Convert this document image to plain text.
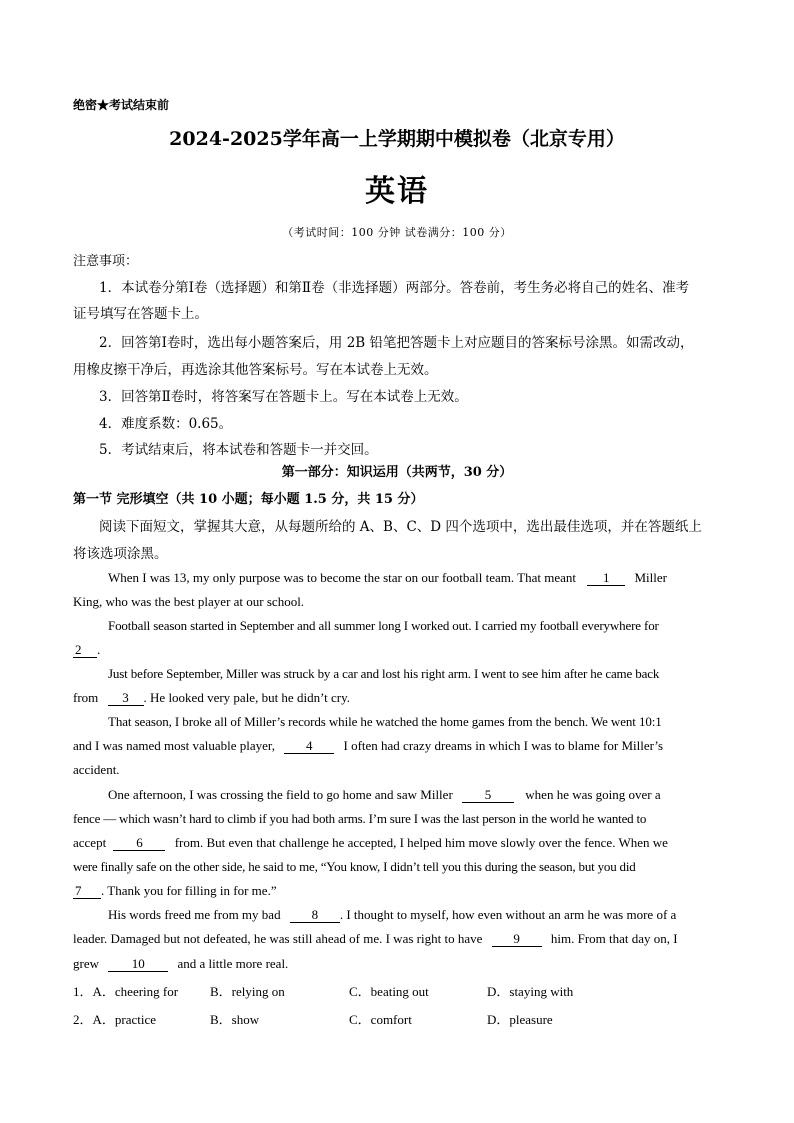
绝密★考试结束前
2024-2025学年高一上学期期中模拟卷（北京专用）
英语
（考试时间：100 分钟 试卷满分：100 分）
注意事项：
1．本试卷分第Ⅰ卷（选择题）和第Ⅱ卷（非选择题）两部分。答卷前，考生务必将自己的姓名、准考
证号填写在答题卡上。
2．回答第Ⅰ卷时，选出每小题答案后，用 2B 铅笔把答题卡上对应题目的答案标号涂黑。如需改动，
用橡皮擦干净后，再选涂其他答案标号。写在本试卷上无效。
3．回答第Ⅱ卷时，将答案写在答题卡上。写在本试卷上无效。
4．难度系数：0.65。
5．考试结束后，将本试卷和答题卡一并交回。
第一部分：知识运用（共两节，30 分）
第一节 完形填空（共 10 小题；每小题 1.5 分，共 15 分）
阅读下面短文，掌握其大意，从每题所给的 A、B、C、D 四个选项中，选出最佳选项，并在答题纸上
将该选项涂黑。
When I was 13, my only purpose was to become the star on our football team. That meant 1 Miller
King, who was the best player at our school.
Football season started in September and all summer long I worked out. I carried my football everywhere for
2 .
Just before September, Miller was struck by a car and lost his right arm. I went to see him after he came back
from 3 . He looked very pale, but he didn’t cry.
That season, I broke all of Miller’s records while he watched the home games from the bench. We went 10:1
and I was named most valuable player, 4 I often had crazy dreams in which I was to blame for Miller’s
accident.
One afternoon, I was crossing the field to go home and saw Miller 5	when he was going over a
fence — which wasn’t hard to climb if you had both arms. I’m sure I was the last person in the world he wanted to
accept 6 from. But even that challenge he accepted, I helped him move slowly over the fence. When we
were finally safe on the other side, he said to me, “You know, I didn’t tell you this during the season, but you did
7 . Thank you for filling in for me.”
His words freed me from my bad 8 . I thought to myself, how even without an arm he was more of a
leader. Damaged but not defeated, he was still ahead of me. I was right to have 9 him. From that day on, I
grew	10	and a little more real.
1．A．cheering for B．relying on	C．beating out	D．staying with
2．A．practice	B．show	C．comfort	D．pleasure
